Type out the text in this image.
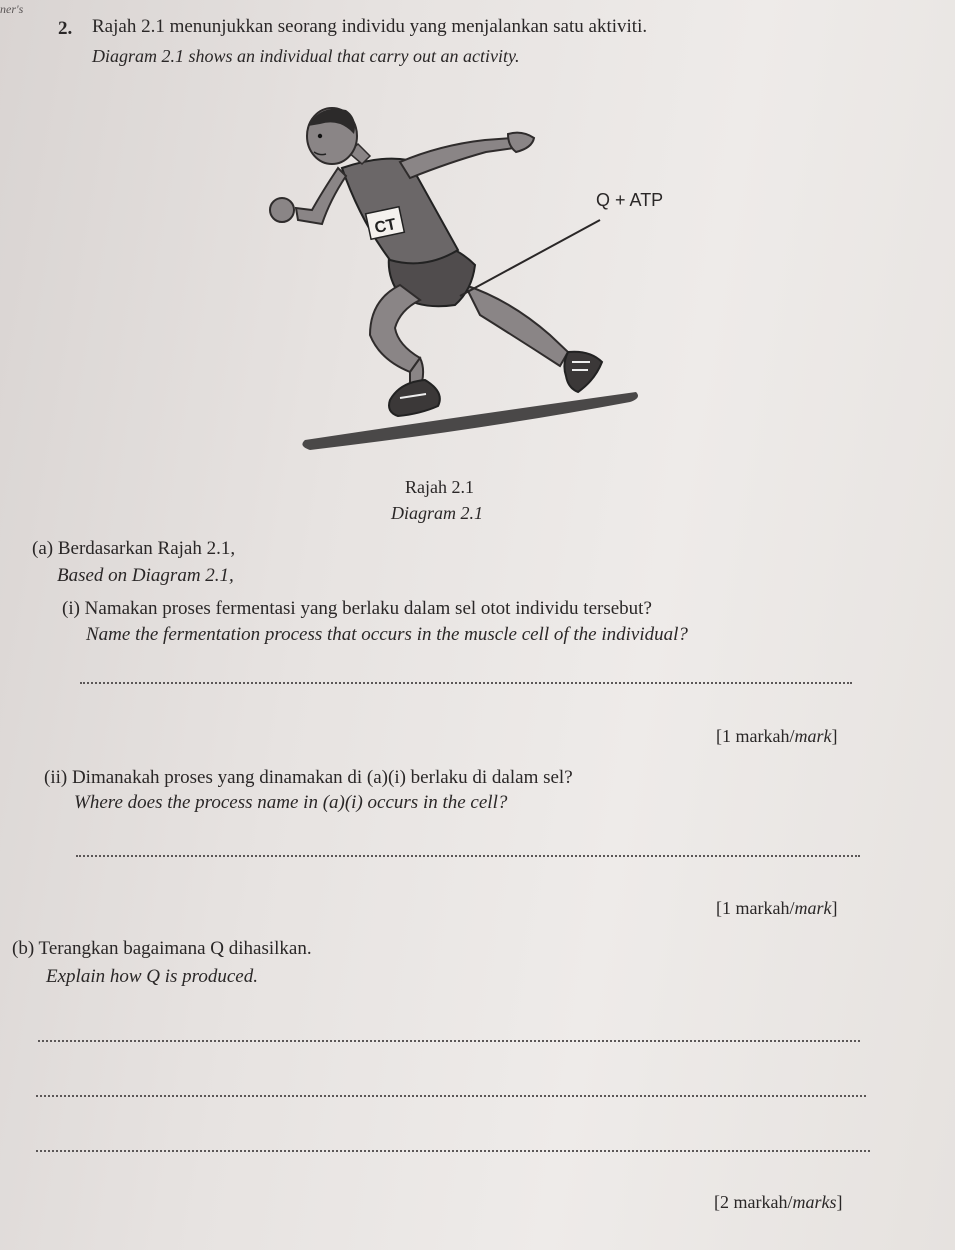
ner's
2. Rajah 2.1 menunjukkan seorang individu yang menjalankan satu aktiviti.
Diagram 2.1 shows an individual that carry out an activity.
CT
Q + ATP
Rajah 2.1
Diagram 2.1
(a) Berdasarkan Rajah 2.1,
Based on Diagram 2.1,
(i) Namakan proses fermentasi yang berlaku dalam sel otot individu tersebut?
Name the fermentation process that occurs in the muscle cell of the individual?
[1 markah/mark]
(ii) Dimanakah proses yang dinamakan di (a)(i) berlaku di dalam sel?
Where does the process name in (a)(i) occurs in the cell?
[1 markah/mark]
(b) Terangkan bagaimana Q dihasilkan.
Explain how Q is produced.
[2 markah/marks]
